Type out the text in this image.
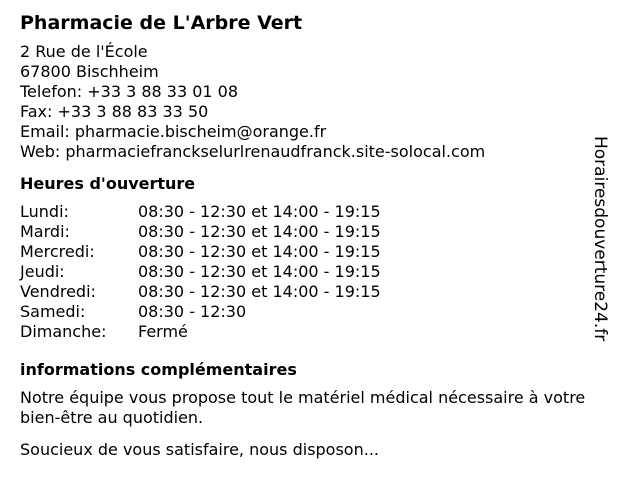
Pharmacie de L'Arbre Vert
2 Rue de l'École
67800 Bischheim
Telefon: +33 3 88 33 01 08
Fax: +33 3 88 83 33 50
Email: pharmacie.bischeim@orange.fr
Web: pharmaciefranckselurlrenaudfranck.site-solocal.com
Heures d'ouverture
Lundi:	08:30 - 12:30 et 14:00 - 19:15
Mardi:	08:30 - 12:30 et 14:00 - 19:15
Mercredi:	08:30 - 12:30 et 14:00 - 19:15
Jeudi:	08:30 - 12:30 et 14:00 - 19:15
Vendredi:	08:30 - 12:30 et 14:00 - 19:15
Samedi:	08:30 - 12:30
Dimanche:	Fermé
informations complémentaires

Notre équipe vous propose tout le matériel médical nécessaire à votre bien-être au quotidien.

Soucieux de vous satisfaire, nous disposon...

Horairesdouverture24.fr
